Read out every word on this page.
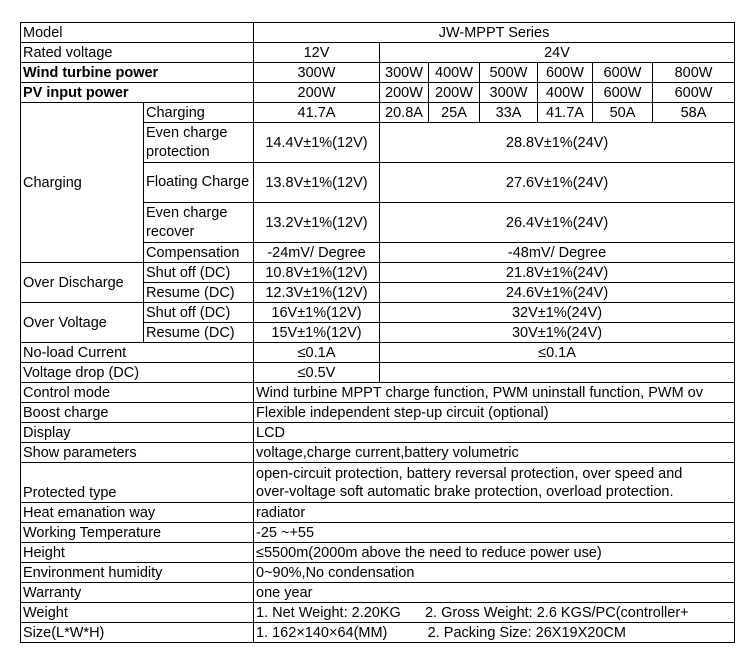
Model		JW-MPPT Series						
Rated voltage		12V	24V					
Wind turbine power		300W	300W	400W	500W	600W	600W	800W
PV input power		200W	200W	200W	300W	400W	600W	600W
Charging	Charging	41.7A	20.8A	25A	33A	41.7A	50A	58A
	Even charge protection	14.4V±1%(12V)	28.8V±1%(24V)					
	Floating Charge	13.8V±1%(12V)	27.6V±1%(24V)					
	Even charge recover	13.2V±1%(12V)	26.4V±1%(24V)					
	Compensation	-24mV/ Degree	-48mV/ Degree					
Over Discharge	Shut off (DC)	10.8V±1%(12V)	21.8V±1%(24V)					
	Resume (DC)	12.3V±1%(12V)	24.6V±1%(24V)					
Over Voltage	Shut off (DC)	16V±1%(12V)	32V±1%(24V)					
	Resume (DC)	15V±1%(12V)	30V±1%(24V)					
No-load Current		≤0.1A	≤0.1A					
Voltage drop (DC)		≤0.5V						
Control mode		Wind turbine MPPT charge function, PWM uninstall function, PWM ov						
Boost charge		Flexible independent step-up circuit (optional)						
Display		LCD						
Show parameters		voltage,charge current,battery volumetric						
Protected type		open-circuit protection, battery reversal protection, over speed and
over-voltage soft automatic brake protection, overload protection.						

Heat emanation way		radiator						
Working Temperature		-25 ~+55						
Height		≤5500m(2000m above the need to reduce power use)						
Environment humidity		0~90%,No condensation						
Warranty		one year						
Weight		1. Net Weight: 2.20KG      2. Gross Weight: 2.6 KGS/PC(controller+						
Size(L*W*H)		1. 162×140×64(MM)          2. Packing Size: 26X19X20CM						
